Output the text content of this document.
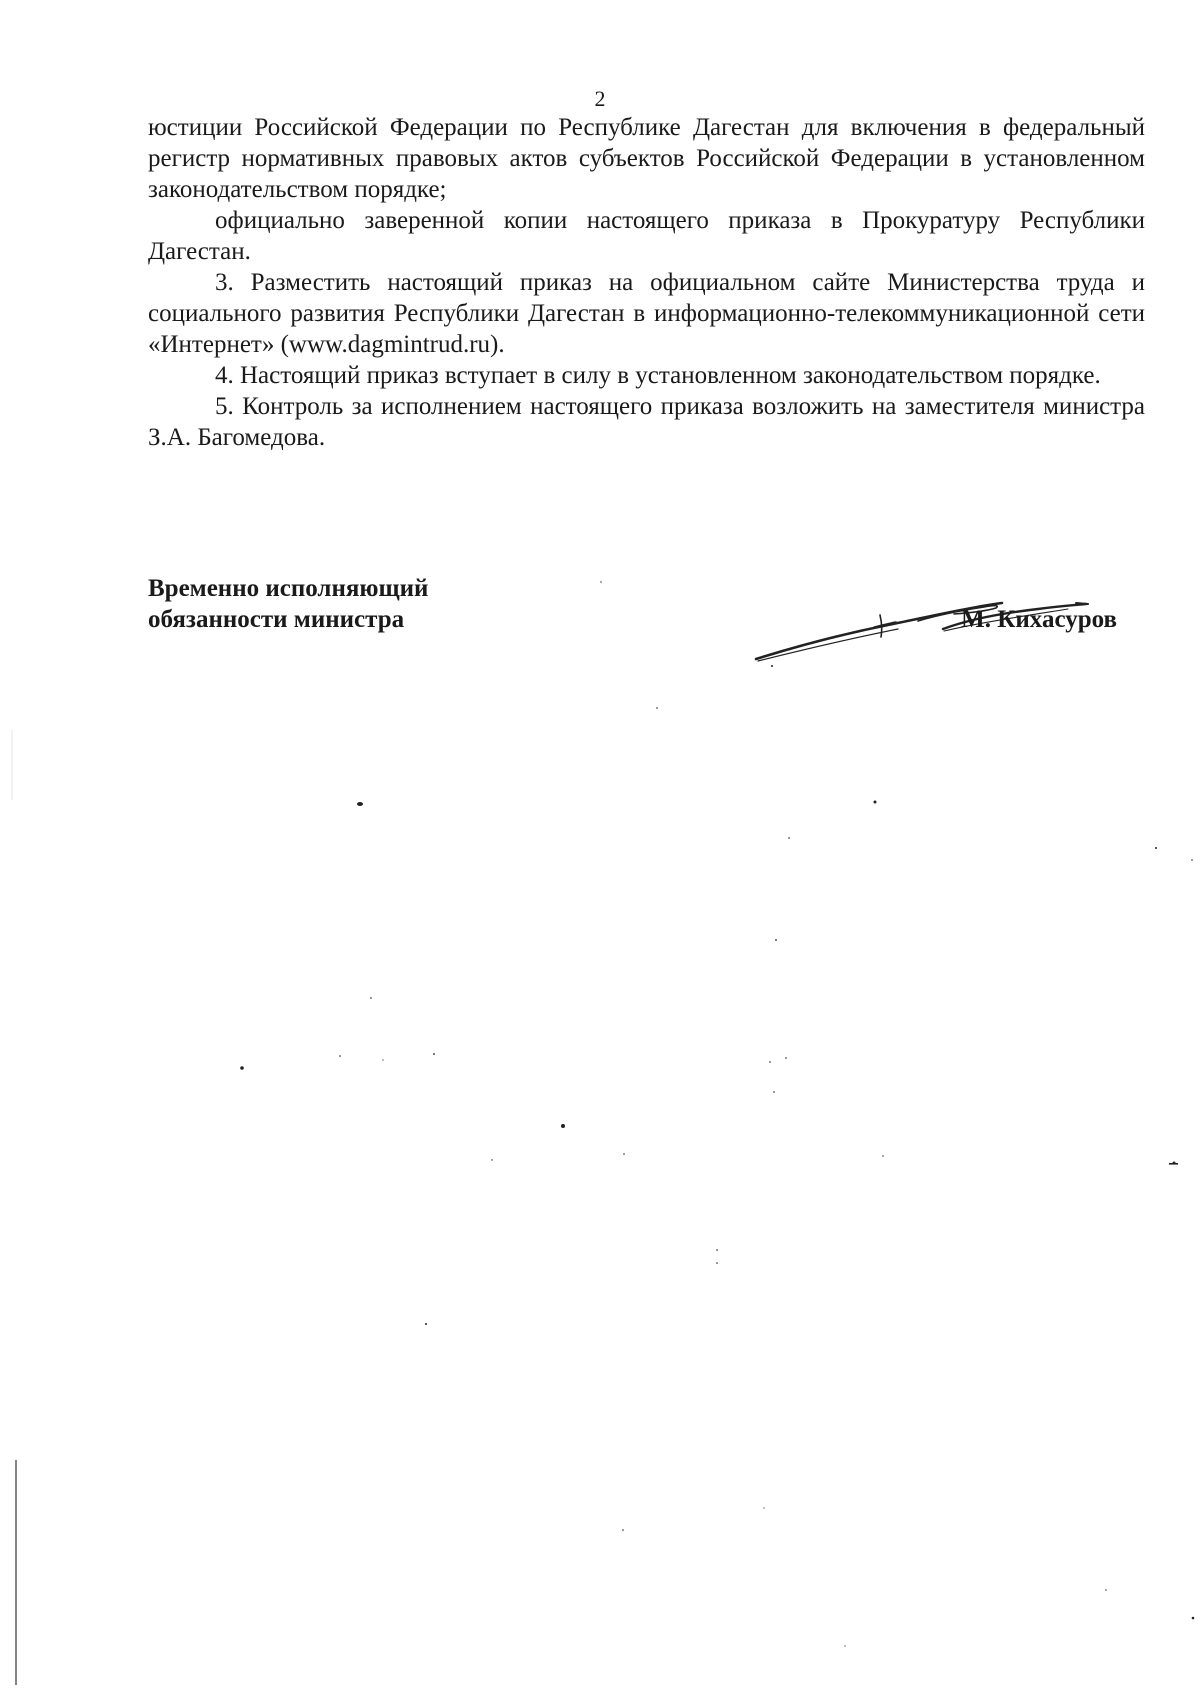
2

юстиции Российской Федерации по Республике Дагестан для включения в федеральный регистр нормативных правовых актов субъектов Российской Федерации в установленном законодательством порядке;

официально заверенной копии настоящего приказа в Прокуратуру Республики Дагестан.

3. Разместить настоящий приказ на официальном сайте Министерства труда и социального развития Республики Дагестан в информационно-телекоммуникационной сети «Интернет» (www.dagmintrud.ru).

4. Настоящий приказ вступает в силу в установленном законодательством порядке.

5. Контроль за исполнением настоящего приказа возложить на заместителя министра З.А. Багомедова.

Временно исполняющий
обязанности министра	М. Кихасуров
